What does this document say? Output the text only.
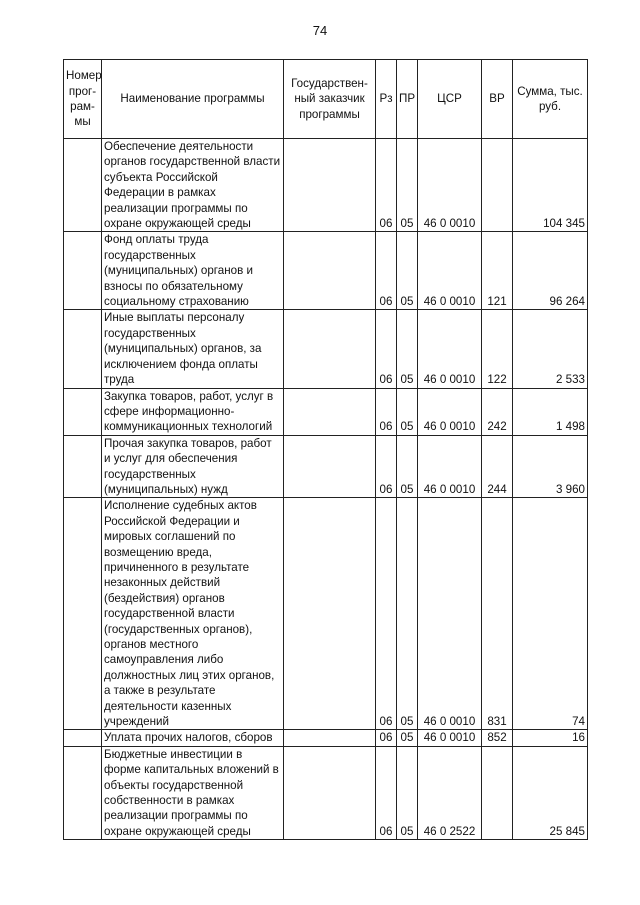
74
Номер прог- рам- мы	Наименование программы	Государствен- ный заказчик программы	Рз	ПР	ЦСР	ВР	Сумма, тыс. руб.
	Обеспечение деятельности органов государственной власти субъекта Российской Федерации в рамках реализации программы по охране окружающей среды		06	05	46 0 0010		104 345
	Фонд оплаты труда государственных (муниципальных) органов и взносы по обязательному социальному страхованию		06	05	46 0 0010	121	96 264
	Иные выплаты персоналу государственных (муниципальных) органов, за исключением фонда оплаты труда		06	05	46 0 0010	122	2 533
	Закупка товаров, работ, услуг в сфере информационно-коммуникационных технологий		06	05	46 0 0010	242	1 498
	Прочая закупка товаров, работ и услуг для обеспечения государственных (муниципальных) нужд		06	05	46 0 0010	244	3 960
	Исполнение судебных актов Российской Федерации и мировых соглашений по возмещению вреда, причиненного в результате незаконных действий (бездействия) органов государственной власти (государственных органов), органов местного самоуправления либо должностных лиц этих органов, а также в результате деятельности казенных учреждений		06	05	46 0 0010	831	74
	Уплата прочих налогов, сборов		06	05	46 0 0010	852	16
	Бюджетные инвестиции в форме капитальных вложений в объекты государственной собственности в рамках реализации программы по охране окружающей среды		06	05	46 0 2522		25 845
